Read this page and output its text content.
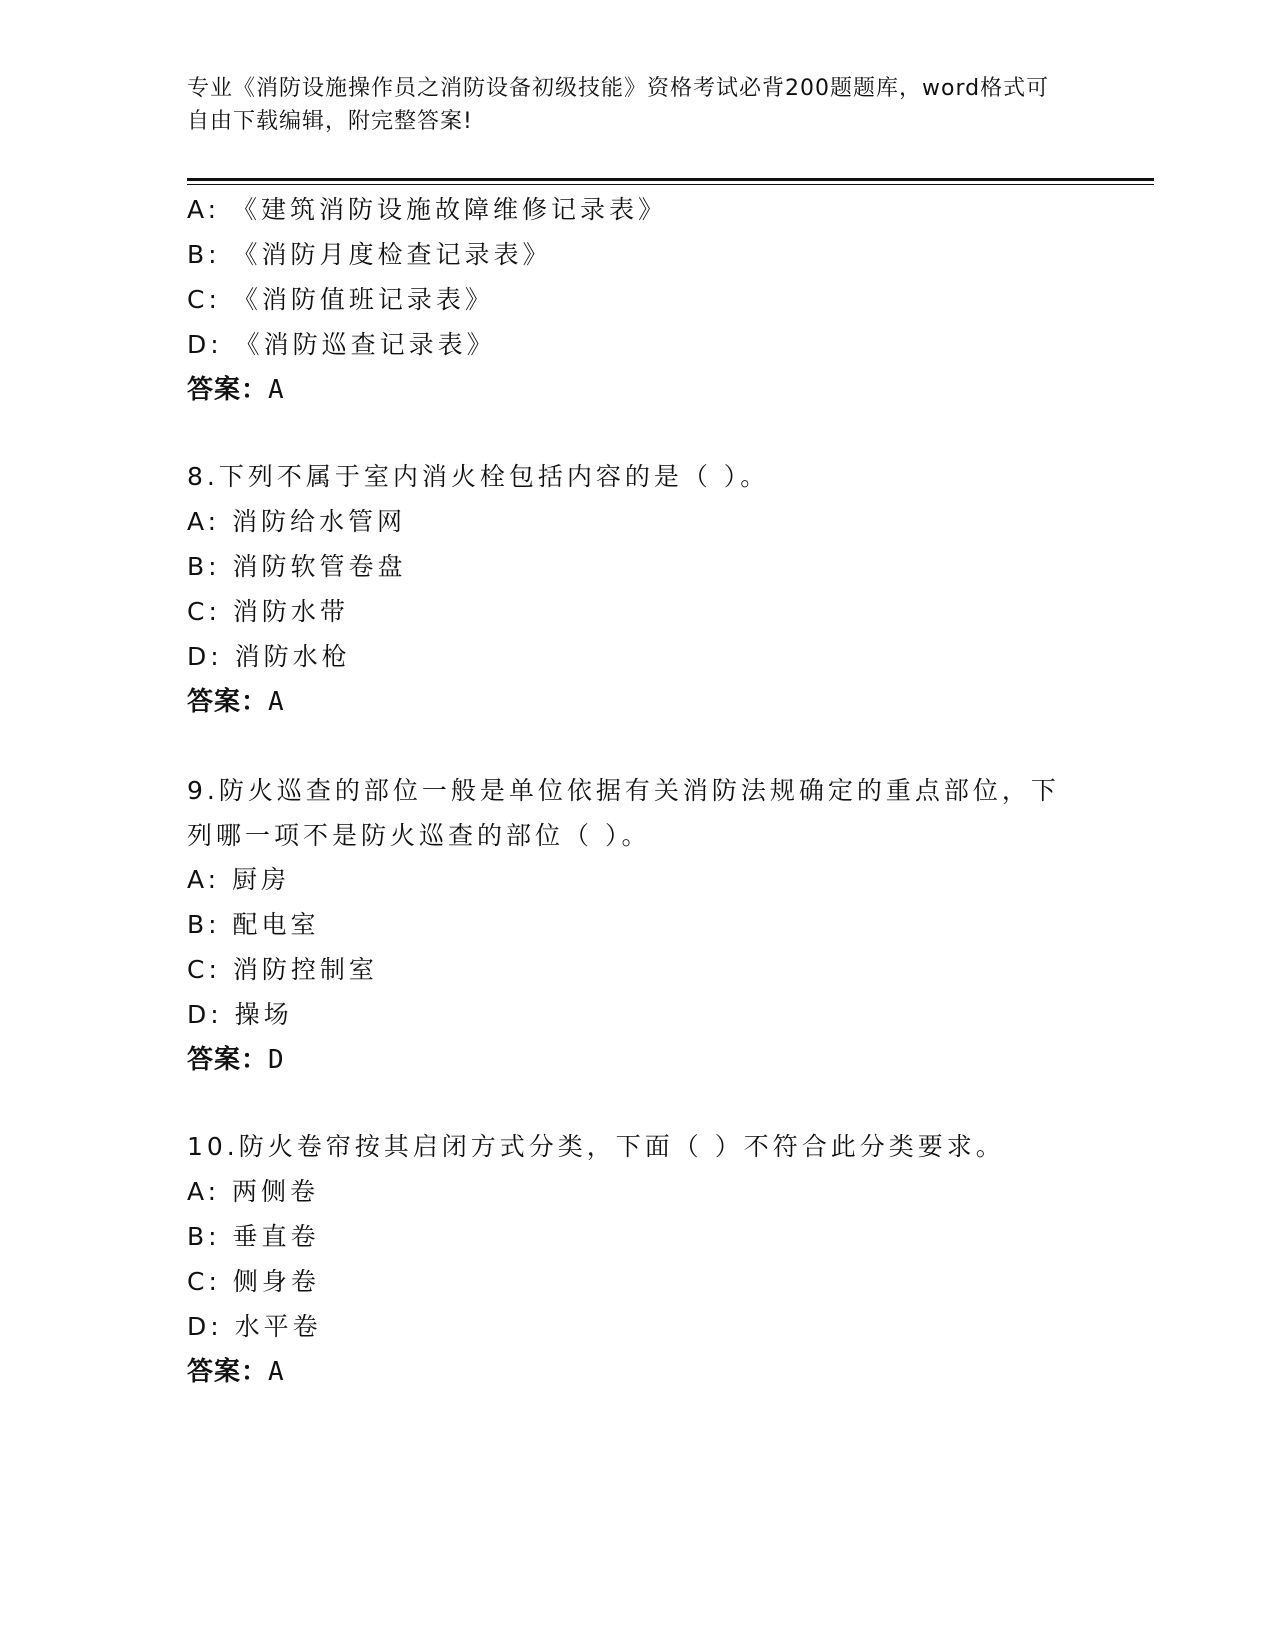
专业《消防设施操作员之消防设备初级技能》资格考试必背200题题库，word格式可自由下载编辑，附完整答案!
A: 《建筑消防设施故障维修记录表》
B: 《消防月度检查记录表》
C: 《消防值班记录表》
D: 《消防巡查记录表》
答案：A
8.下列不属于室内消火栓包括内容的是（ ）。
A: 消防给水管网
B: 消防软管卷盘
C: 消防水带
D: 消防水枪
答案：A
9.防火巡查的部位一般是单位依据有关消防法规确定的重点部位，下列哪一项不是防火巡查的部位（ ）。
A: 厨房
B: 配电室
C: 消防控制室
D: 操场
答案：D
10.防火卷帘按其启闭方式分类，下面（ ）不符合此分类要求。
A: 两侧卷
B: 垂直卷
C: 侧身卷
D: 水平卷
答案：A
